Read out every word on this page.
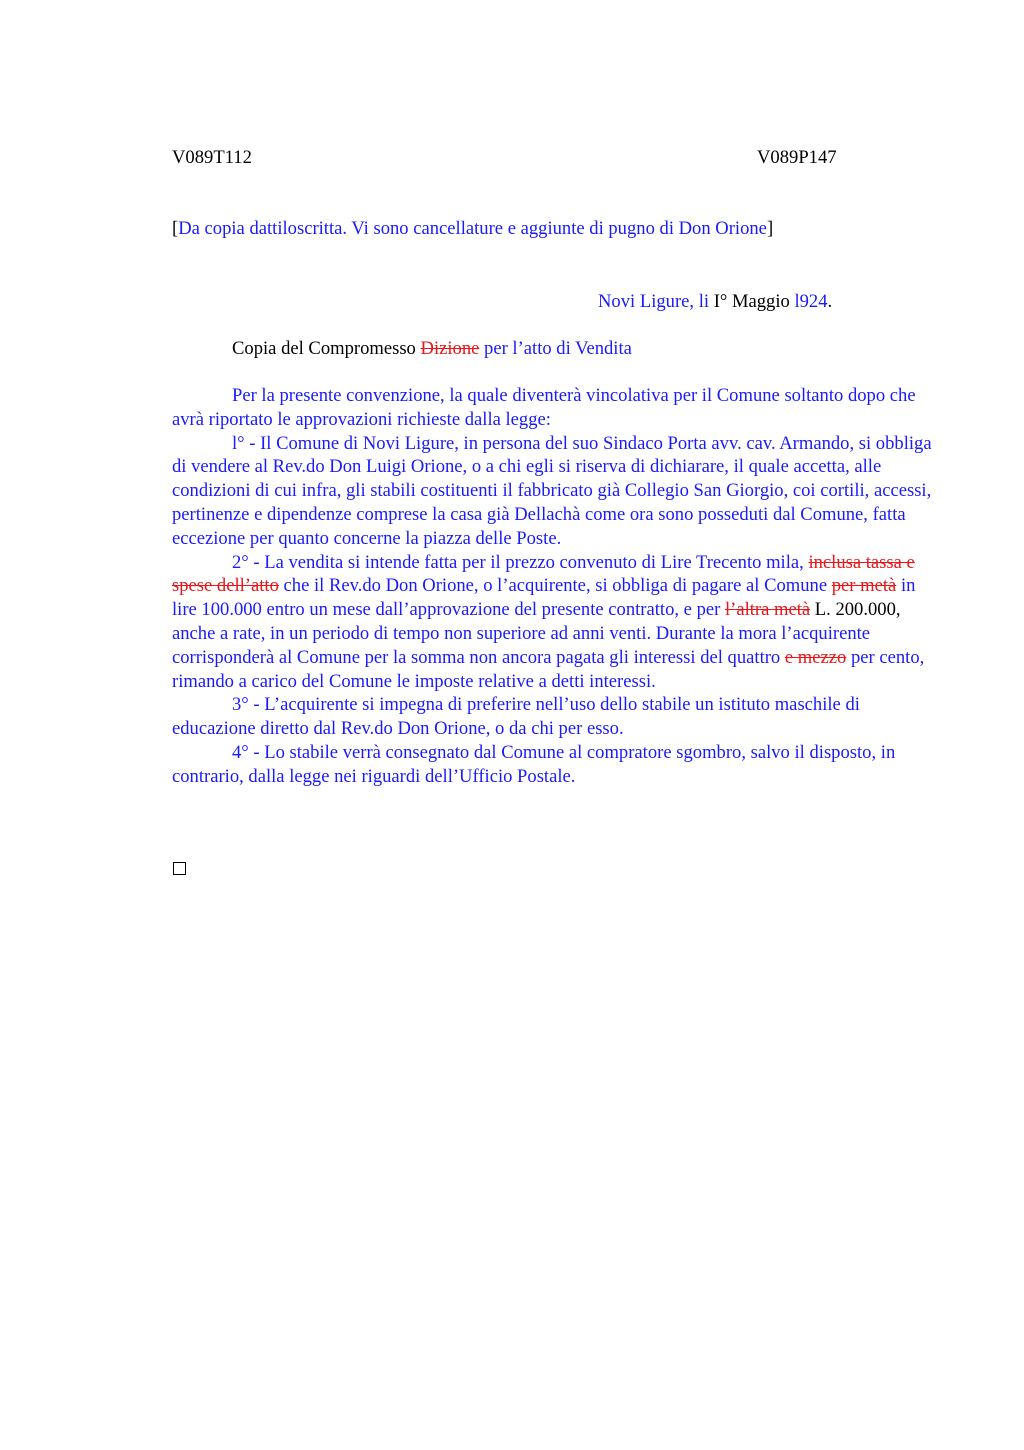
V089T112	V089P147
[Da copia dattiloscritta. Vi sono cancellature e aggiunte di pugno di Don Orione]
Novi Ligure, li I° Maggio l924.
Copia del Compromesso Dizione per l’atto di Vendita

Per la presente convenzione, la quale diventerà vincolativa per il Comune soltanto dopo che avrà riportato le approvazioni richieste dalla legge:

l° - Il Comune di Novi Ligure, in persona del suo Sindaco Porta avv. cav. Armando, si obbliga di vendere al Rev.do Don Luigi Orione, o a chi egli si riserva di dichiarare, il quale accetta, alle condizioni di cui infra, gli stabili costituenti il fabbricato già Collegio San Giorgio, coi cortili, accessi, pertinenze e dipendenze comprese la casa già Dellachà come ora sono posseduti dal Comune, fatta eccezione per quanto concerne la piazza delle Poste.

2° - La vendita si intende fatta per il prezzo convenuto di Lire Trecento mila, inclusa tassa e spese dell’atto che il Rev.do Don Orione, o l’acquirente, si obbliga di pagare al Comune per metà in lire 100.000 entro un mese dall’approvazione del presente contratto, e per l’altra metà L. 200.000, anche a rate, in un periodo di tempo non superiore ad anni venti. Durante la mora l’acquirente corrisponderà al Comune per la somma non ancora pagata gli interessi del quattro e mezzo per cento, rimando a carico del Comune le imposte relative a detti interessi.

3° - L’acquirente si impegna di preferire nell’uso dello stabile un istituto maschile di educazione diretto dal Rev.do Don Orione, o da chi per esso.

4° - Lo stabile verrà consegnato dal Comune al compratore sgombro, salvo il disposto, in contrario, dalla legge nei riguardi dell’Ufficio Postale.
